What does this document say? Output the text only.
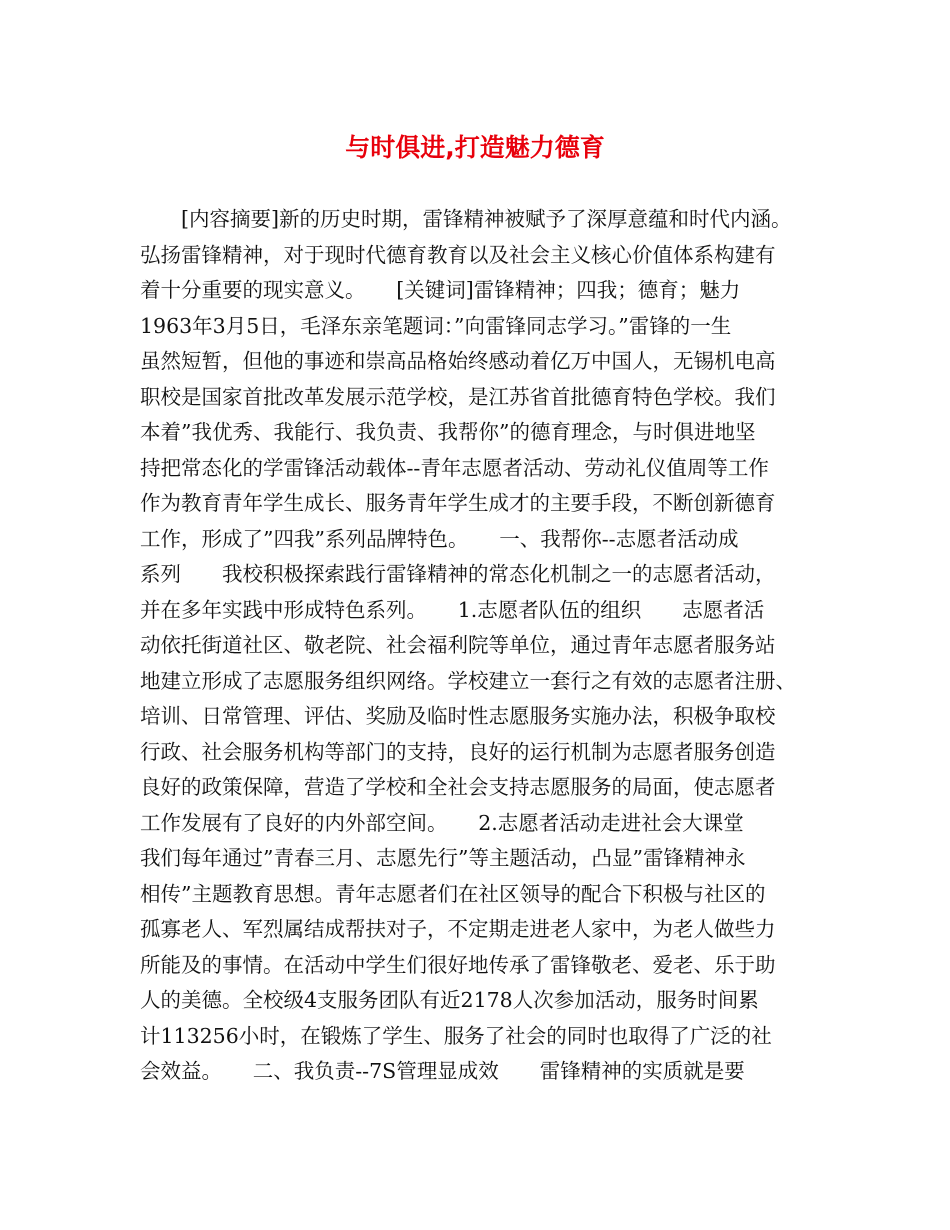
与时俱进,打造魅力德育
　　[内容摘要]新的历史时期，雷锋精神被赋予了深厚意蕴和时代内涵。
弘扬雷锋精神，对于现时代德育教育以及社会主义核心价值体系构建有
着十分重要的现实意义。　　[关键词]雷锋精神；四我；德育；魅力　　
1963年3月5日，毛泽东亲笔题词：”向雷锋同志学习。”雷锋的一生
虽然短暂，但他的事迹和崇高品格始终感动着亿万中国人，无锡机电高
职校是国家首批改革发展示范学校，是江苏省首批德育特色学校。我们
本着”我优秀、我能行、我负责、我帮你”的德育理念，与时俱进地坚
持把常态化的学雷锋活动载体--青年志愿者活动、劳动礼仪值周等工作
作为教育青年学生成长、服务青年学生成才的主要手段，不断创新德育
工作，形成了”四我”系列品牌特色。　　一、我帮你--志愿者活动成
系列　　我校积极探索践行雷锋精神的常态化机制之一的志愿者活动，
并在多年实践中形成特色系列。　　1.志愿者队伍的组织　　志愿者活
动依托街道社区、敬老院、社会福利院等单位，通过青年志愿者服务站
地建立形成了志愿服务组织网络。学校建立一套行之有效的志愿者注册、
培训、日常管理、评估、奖励及临时性志愿服务实施办法，积极争取校
行政、社会服务机构等部门的支持，良好的运行机制为志愿者服务创造
良好的政策保障，营造了学校和全社会支持志愿服务的局面，使志愿者
工作发展有了良好的内外部空间。　　2.志愿者活动走进社会大课堂　　
我们每年通过”青春三月、志愿先行”等主题活动，凸显”雷锋精神永
相传”主题教育思想。青年志愿者们在社区领导的配合下积极与社区的
孤寡老人、军烈属结成帮扶对子，不定期走进老人家中，为老人做些力
所能及的事情。在活动中学生们很好地传承了雷锋敬老、爱老、乐于助
人的美德。全校级4支服务团队有近2178人次参加活动，服务时间累
计113256小时，在锻炼了学生、服务了社会的同时也取得了广泛的社
会效益。　　二、我负责--7S管理显成效　　雷锋精神的实质就是要
